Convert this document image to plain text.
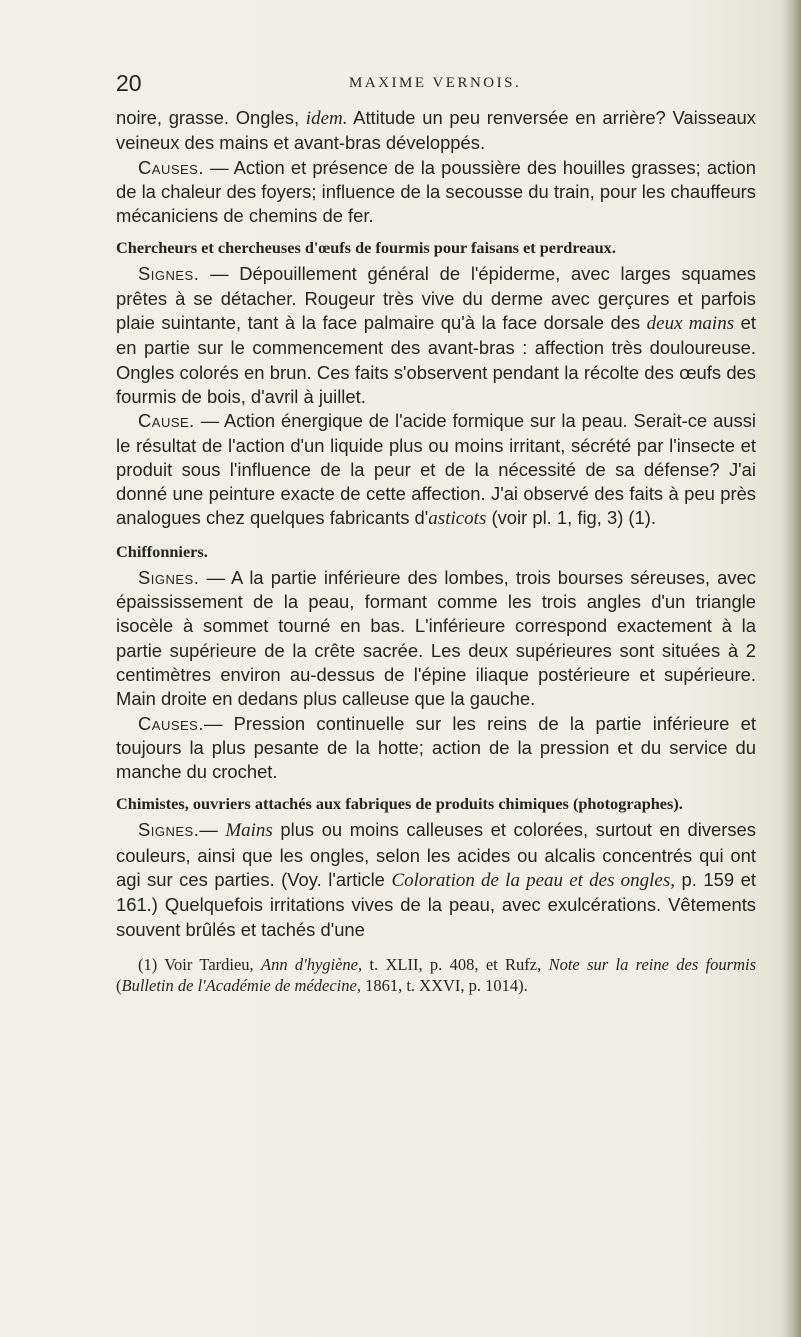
20	MAXIME VERNOIS.

noire, grasse. Ongles, idem. Attitude un peu renversée en arrière? Vaisseaux veineux des mains et avant-bras développés.

Causes. — Action et présence de la poussière des houilles grasses; action de la chaleur des foyers; influence de la secousse du train, pour les chauffeurs mécaniciens de chemins de fer.

Chercheurs et chercheuses d'œufs de fourmis pour faisans et perdreaux.

Signes. — Dépouillement général de l'épiderme, avec larges squames prêtes à se détacher. Rougeur très vive du derme avec gerçures et parfois plaie suintante, tant à la face palmaire qu'à la face dorsale des deux mains et en partie sur le commencement des avant-bras : affection très douloureuse. Ongles colorés en brun. Ces faits s'observent pendant la récolte des œufs des fourmis de bois, d'avril à juillet.

Cause. — Action énergique de l'acide formique sur la peau. Serait-ce aussi le résultat de l'action d'un liquide plus ou moins irritant, sécrété par l'insecte et produit sous l'influence de la peur et de la nécessité de sa défense? J'ai donné une peinture exacte de cette affection. J'ai observé des faits à peu près analogues chez quelques fabricants d'asticots (voir pl. 1, fig, 3) (1).

Chiffonniers.

Signes. — A la partie inférieure des lombes, trois bourses séreuses, avec épaississement de la peau, formant comme les trois angles d'un triangle isocèle à sommet tourné en bas. L'inférieure correspond exactement à la partie supérieure de la crête sacrée. Les deux supérieures sont situées à 2 centimètres environ au-dessus de l'épine iliaque postérieure et supérieure. Main droite en dedans plus calleuse que la gauche.

Causes.— Pression continuelle sur les reins de la partie inférieure et toujours la plus pesante de la hotte; action de la pression et du service du manche du crochet.

Chimistes, ouvriers attachés aux fabriques de produits chimiques (photographes).

Signes.— Mains plus ou moins calleuses et colorées, surtout en diverses couleurs, ainsi que les ongles, selon les acides ou alcalis concentrés qui ont agi sur ces parties. (Voy. l'article Coloration de la peau et des ongles, p. 159 et 161.) Quelquefois irritations vives de la peau, avec exulcérations. Vêtements souvent brûlés et tachés d'une

(1) Voir Tardieu, Ann d'hygiène, t. XLII, p. 408, et Rufz, Note sur la reine des fourmis (Bulletin de l'Académie de médecine, 1861, t. XXVI, p. 1014).
